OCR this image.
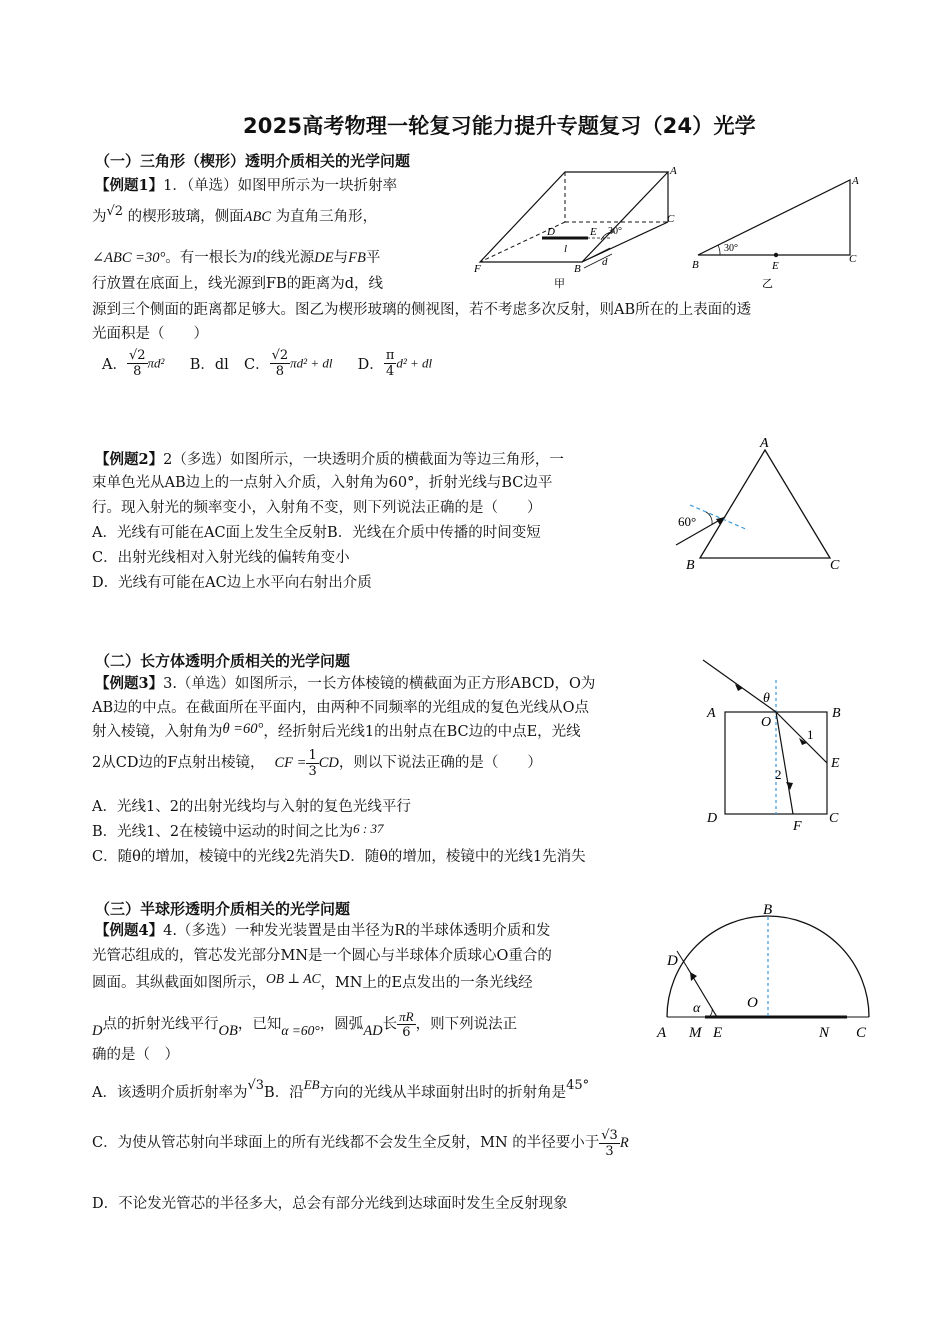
2025高考物理一轮复习能力提升专题复习（24）光学
（一）三角形（楔形）透明介质相关的光学问题
【例题1】1．（单选）如图甲所示为一块折射率
为√2 的楔形玻璃，侧面ABC 为直角三角形，
∠ABC =30°。有一根长为l的线光源DE与FB平
行放置在底面上，线光源到FB的距离为d，线
源到三个侧面的距离都足够大。图乙为楔形玻璃的侧视图，若不考虑多次反射，则AB所在的上表面的透
光面积是（　　）
A． $\frac{√2}{8} \pi d^2$ B．dl C． $\frac{√2}{8} \pi d^2$ + dl D． $\frac{\pi}{4} d^2$ + dl
A
C
F	B
D	E
l
d
30°
甲
A
B	E
C
30°
乙
【例题2】2（多选）如图所示，一块透明介质的横截面为等边三角形，一
束单色光从AB边上的一点射入介质，入射角为60°，折射光线与BC边平
行。现入射光的频率变小，入射角不变，则下列说法正确的是（　　）
A．光线有可能在AC面上发生全反射B．光线在介质中传播的时间变短
C．出射光线相对入射光线的偏转角变小
D．光线有可能在AC边上水平向右射出介质
A
B	C
60°
（二）长方体透明介质相关的光学问题
【例题3】3.（单选）如图所示，一长方体棱镜的横截面为正方形ABCD，O为
AB边的中点。在截面所在平面内，由两种不同频率的光组成的复色光线从O点
射入棱镜，入射角为θ =60°，经折射后光线1的出射点在BC边的中点E，光线
2从CD边的F点射出棱镜， CF = $\frac{1}{3}$ CD，则以下说法正确的是（　　）
A．光线1、2的出射光线均与入射的复色光线平行
B．光线1、2在棱镜中运动的时间之比为6 : 37
C．随θ的增加，棱镜中的光线2先消失D．随θ的增加，棱镜中的光线1先消失
A	B
D	C
O
θ
1
2
E
F
（三）半球形透明介质相关的光学问题
【例题4】4.（多选）一种发光装置是由半径为R的半球体透明介质和发
光管芯组成的，管芯发光部分MN是一个圆心与半球体介质球心O重合的
圆面。其纵截面如图所示，OB ⊥ AC，MN上的E点发出的一条光线经
D点的折射光线平行OB，已知α =60°，圆弧AD长 $\frac{\pi R}{6}$ ，则下列说法正
确的是（　）
A．该透明介质折射率为√3B．沿EB方向的光线从半球面射出时的折射角是45°
C．为使从管芯射向半球面上的所有光线都不会发生全反射，MN 的半径要小于 $\frac{√3}{3}$ R
D．不论发光管芯的半径多大，总会有部分光线到达球面时发生全反射现象
B
D
O
α
A M E	N C
